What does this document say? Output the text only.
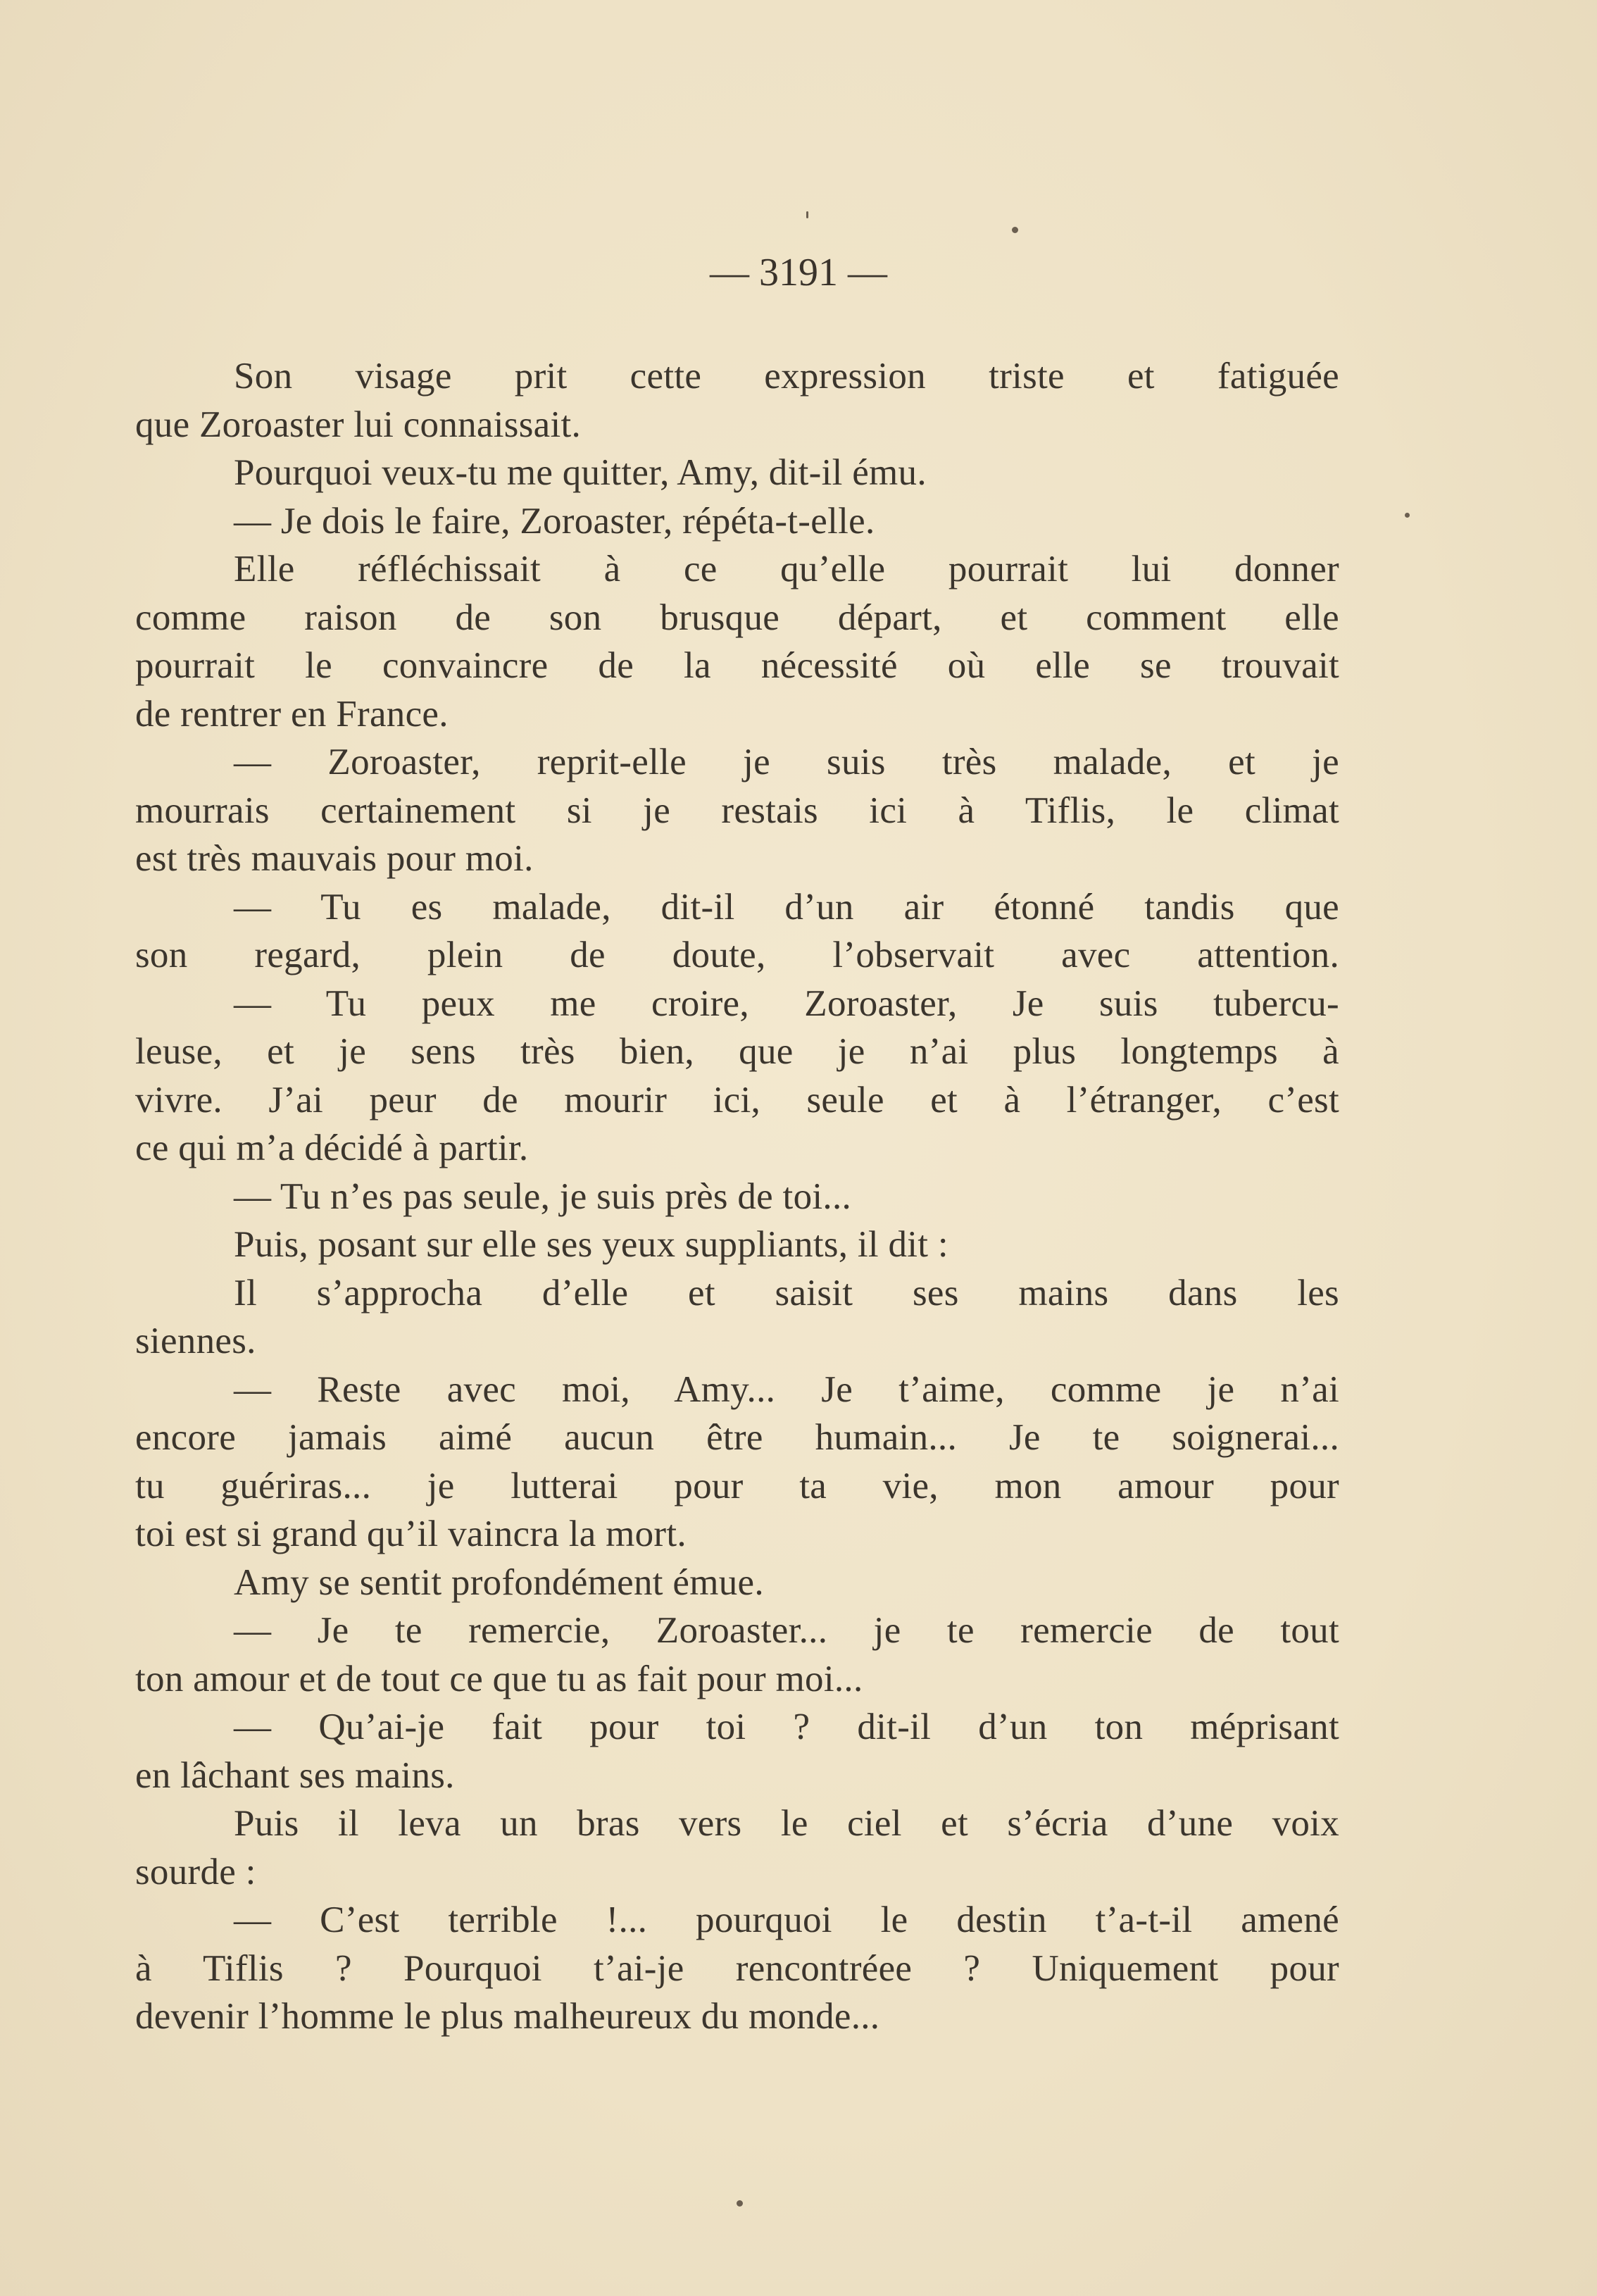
— 3191 —
Son visage prit cette expression triste et fatiguée
que Zoroaster lui connaissait.
Pourquoi veux-tu me quitter, Amy, dit-il ému.
— Je dois le faire, Zoroaster, répéta-t-elle.
Elle réfléchissait à ce qu’elle pourrait lui donner
comme raison de son brusque départ, et comment elle
pourrait le convaincre de la nécessité où elle se trouvait
de rentrer en France.
— Zoroaster, reprit-elle je suis très malade, et je
mourrais certainement si je restais ici à Tiflis, le climat
est très mauvais pour moi.
— Tu es malade, dit-il d’un air étonné tandis que
son regard, plein de doute, l’observait avec attention.
— Tu peux me croire, Zoroaster, Je suis tubercu-
leuse, et je sens très bien, que je n’ai plus longtemps à
vivre. J’ai peur de mourir ici, seule et à l’étranger, c’est
ce qui m’a décidé à partir.
— Tu n’es pas seule, je suis près de toi...
Puis, posant sur elle ses yeux suppliants, il dit :
Il s’approcha d’elle et saisit ses mains dans les
siennes.
— Reste avec moi, Amy... Je t’aime, comme je n’ai
encore jamais aimé aucun être humain... Je te soignerai...
tu guériras... je lutterai pour ta vie, mon amour pour
toi est si grand qu’il vaincra la mort.
Amy se sentit profondément émue.
— Je te remercie, Zoroaster... je te remercie de tout
ton amour et de tout ce que tu as fait pour moi...
— Qu’ai-je fait pour toi ? dit-il d’un ton méprisant
en lâchant ses mains.
Puis il leva un bras vers le ciel et s’écria d’une voix
sourde :
— C’est terrible !... pourquoi le destin t’a-t-il amené
à Tiflis ? Pourquoi t’ai-je rencontréee ? Uniquement pour
devenir l’homme le plus malheureux du monde...
